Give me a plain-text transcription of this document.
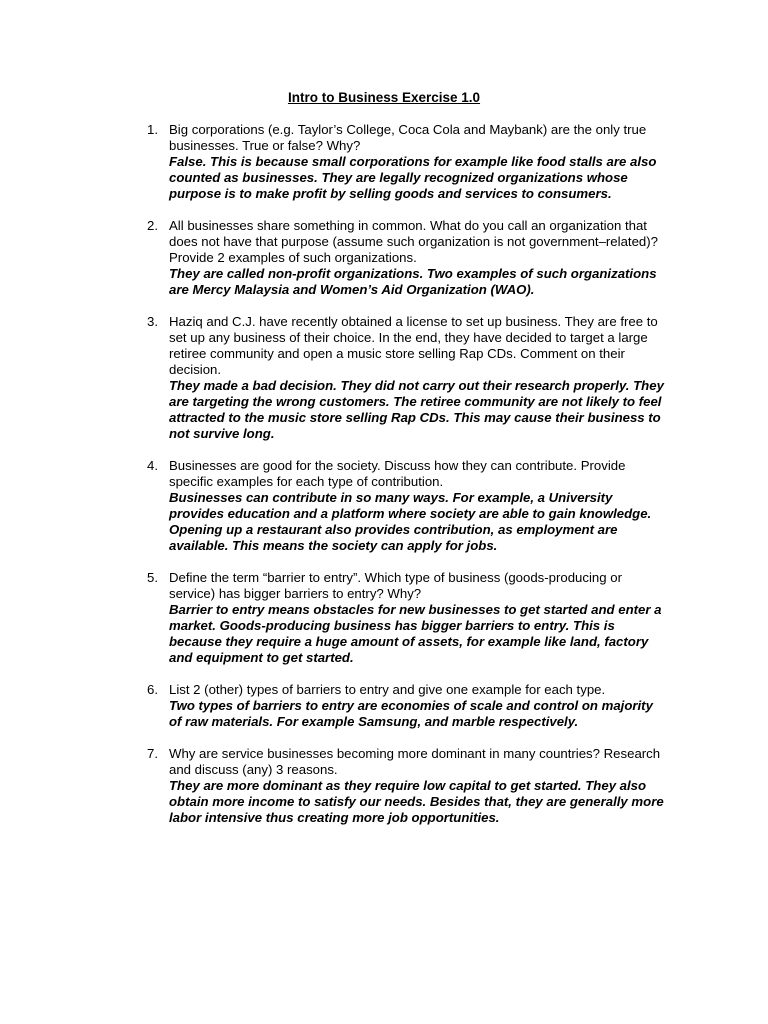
Intro to Business Exercise 1.0
1. Big corporations (e.g. Taylor’s College, Coca Cola and Maybank) are the only true businesses. True or false? Why?
False. This is because small corporations for example like food stalls are also counted as businesses. They are legally recognized organizations whose purpose is to make profit by selling goods and services to consumers.
2. All businesses share something in common. What do you call an organization that does not have that purpose (assume such organization is not government–related)? Provide 2 examples of such organizations.
They are called non-profit organizations. Two examples of such organizations are Mercy Malaysia and Women’s Aid Organization (WAO).
3. Haziq and C.J. have recently obtained a license to set up business. They are free to set up any business of their choice. In the end, they have decided to target a large retiree community and open a music store selling Rap CDs. Comment on their decision.
They made a bad decision. They did not carry out their research properly. They are targeting the wrong customers. The retiree community are not likely to feel attracted to the music store selling Rap CDs. This may cause their business to not survive long.
4. Businesses are good for the society. Discuss how they can contribute. Provide specific examples for each type of contribution.
Businesses can contribute in so many ways. For example, a University provides education and a platform where society are able to gain knowledge. Opening up a restaurant also provides contribution, as employment are available. This means the society can apply for jobs.
5. Define the term “barrier to entry”. Which type of business (goods-producing or service) has bigger barriers to entry? Why?
Barrier to entry means obstacles for new businesses to get started and enter a market. Goods-producing business has bigger barriers to entry. This is because they require a huge amount of assets, for example like land, factory and equipment to get started.
6. List 2 (other) types of barriers to entry and give one example for each type.
Two types of barriers to entry are economies of scale and control on majority of raw materials. For example Samsung, and marble respectively.
7. Why are service businesses becoming more dominant in many countries? Research and discuss (any) 3 reasons.
They are more dominant as they require low capital to get started. They also obtain more income to satisfy our needs. Besides that, they are generally more labor intensive thus creating more job opportunities.
